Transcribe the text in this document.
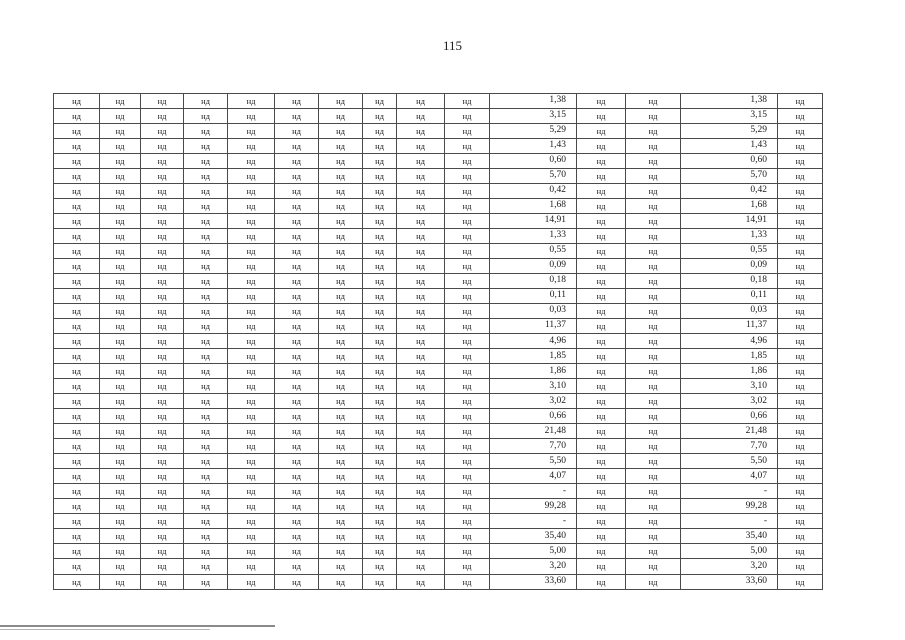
115
нд	нд	нд	нд	нд	нд	нд	нд	нд	нд	1,38	нд	нд	1,38	нд
нд	нд	нд	нд	нд	нд	нд	нд	нд	нд	3,15	нд	нд	3,15	нд
нд	нд	нд	нд	нд	нд	нд	нд	нд	нд	5,29	нд	нд	5,29	нд
нд	нд	нд	нд	нд	нд	нд	нд	нд	нд	1,43	нд	нд	1,43	нд
нд	нд	нд	нд	нд	нд	нд	нд	нд	нд	0,60	нд	нд	0,60	нд
нд	нд	нд	нд	нд	нд	нд	нд	нд	нд	5,70	нд	нд	5,70	нд
нд	нд	нд	нд	нд	нд	нд	нд	нд	нд	0,42	нд	нд	0,42	нд
нд	нд	нд	нд	нд	нд	нд	нд	нд	нд	1,68	нд	нд	1,68	нд
нд	нд	нд	нд	нд	нд	нд	нд	нд	нд	14,91	нд	нд	14,91	нд
нд	нд	нд	нд	нд	нд	нд	нд	нд	нд	1,33	нд	нд	1,33	нд
нд	нд	нд	нд	нд	нд	нд	нд	нд	нд	0,55	нд	нд	0,55	нд
нд	нд	нд	нд	нд	нд	нд	нд	нд	нд	0,09	нд	нд	0,09	нд
нд	нд	нд	нд	нд	нд	нд	нд	нд	нд	0,18	нд	нд	0,18	нд
нд	нд	нд	нд	нд	нд	нд	нд	нд	нд	0,11	нд	нд	0,11	нд
нд	нд	нд	нд	нд	нд	нд	нд	нд	нд	0,03	нд	нд	0,03	нд
нд	нд	нд	нд	нд	нд	нд	нд	нд	нд	11,37	нд	нд	11,37	нд
нд	нд	нд	нд	нд	нд	нд	нд	нд	нд	4,96	нд	нд	4,96	нд
нд	нд	нд	нд	нд	нд	нд	нд	нд	нд	1,85	нд	нд	1,85	нд
нд	нд	нд	нд	нд	нд	нд	нд	нд	нд	1,86	нд	нд	1,86	нд
нд	нд	нд	нд	нд	нд	нд	нд	нд	нд	3,10	нд	нд	3,10	нд
нд	нд	нд	нд	нд	нд	нд	нд	нд	нд	3,02	нд	нд	3,02	нд
нд	нд	нд	нд	нд	нд	нд	нд	нд	нд	0,66	нд	нд	0,66	нд
нд	нд	нд	нд	нд	нд	нд	нд	нд	нд	21,48	нд	нд	21,48	нд
нд	нд	нд	нд	нд	нд	нд	нд	нд	нд	7,70	нд	нд	7,70	нд
нд	нд	нд	нд	нд	нд	нд	нд	нд	нд	5,50	нд	нд	5,50	нд
нд	нд	нд	нд	нд	нд	нд	нд	нд	нд	4,07	нд	нд	4,07	нд
нд	нд	нд	нд	нд	нд	нд	нд	нд	нд	-	нд	нд	-	нд
нд	нд	нд	нд	нд	нд	нд	нд	нд	нд	99,28	нд	нд	99,28	нд
нд	нд	нд	нд	нд	нд	нд	нд	нд	нд	-	нд	нд	-	нд
нд	нд	нд	нд	нд	нд	нд	нд	нд	нд	35,40	нд	нд	35,40	нд
нд	нд	нд	нд	нд	нд	нд	нд	нд	нд	5,00	нд	нд	5,00	нд
нд	нд	нд	нд	нд	нд	нд	нд	нд	нд	3,20	нд	нд	3,20	нд
нд	нд	нд	нд	нд	нд	нд	нд	нд	нд	33,60	нд	нд	33,60	нд
